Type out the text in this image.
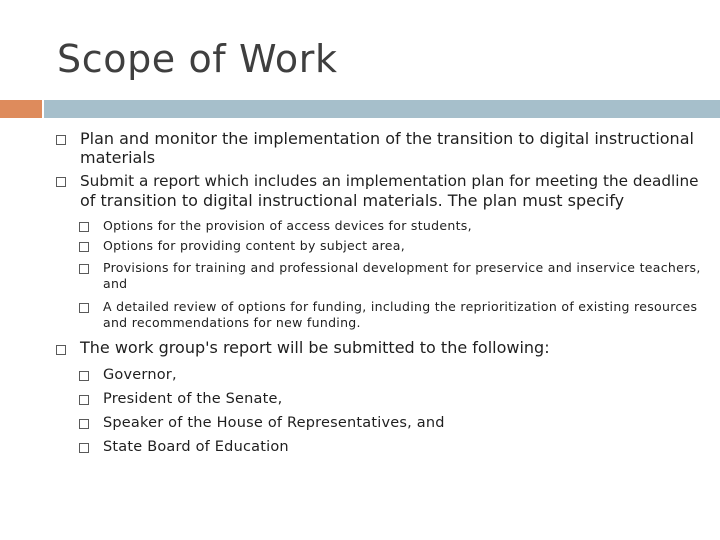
Scope of Work
Plan and monitor the implementation of the transition to digital instructional
materials
Submit a report which includes an implementation plan for meeting the deadline
of transition to digital instructional materials. The plan must specify
Options for the provision of access devices for students,
Options for providing content by subject area,
Provisions for training and professional development for preservice and inservice teachers,
and
A detailed review of options for funding, including the reprioritization of existing resources
and recommendations for new funding.
The work group's report will be submitted to the following:
Governor,
President of the Senate,
Speaker of the House of Representatives, and
State Board of Education
